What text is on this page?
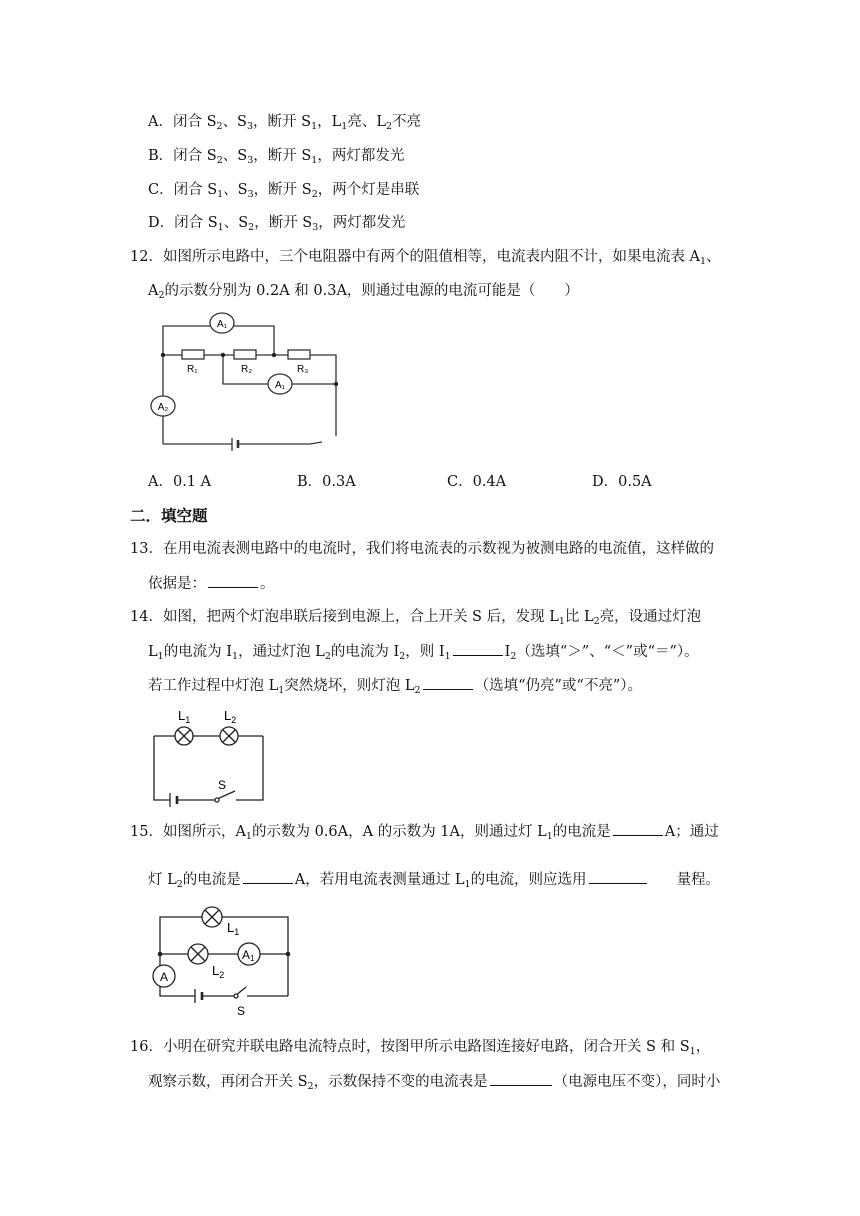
A．闭合 $S_2$、$S_3$，断开 $S_1$，$L_1$亮、$L_2$不亮
B．闭合 $S_2$、$S_3$，断开 $S_1$，两灯都发光
C．闭合 $S_1$、$S_3$，断开 $S_2$，两个灯是串联
D．闭合 $S_1$、$S_2$，断开 $S_3$，两灯都发光
12．如图所示电路中，三个电阻器中有两个的阻值相等，电流表内阻不计，如果电流表 $A_1$、
$A_2$的示数分别为 0.2A 和 0.3A，则通过电源的电流可能是（　　）
A₁
A₁
A₂
R₁	R₂	R₃
A．0.1 A	B．0.3A	C．0.4A	D．0.5A
二．填空题
13．在用电流表测电路中的电流时，我们将电流表的示数视为被测电路的电流值，这样做的
依据是：	。
14．如图，把两个灯泡串联后接到电源上，合上开关 S 后，发现 $L_1$比 $L_2$亮，设通过灯泡
$L_1$的电流为 $I_1$，通过灯泡 $L_2$的电流为 $I_2$，则 $I_1$	$I_2$（选填“＞”、“＜”或“＝”）。
若工作过程中灯泡 $L_1$突然烧坏，则灯泡 $L_2$	（选填“仍亮”或“不亮”）。
$L_1$	$L_2$
S
15．如图所示，$A_1$的示数为 0.6A，A 的示数为 1A，则通过灯 $L_1$的电流是	A；通过
灯 $L_2$的电流是	A，若用电流表测量通过 $L_1$的电流，则应选用	量程。
$L_1$
$L_2$
A1
A
S
16．小明在研究并联电路电流特点时，按图甲所示电路图连接好电路，闭合开关 S 和 $S_1$，
观察示数，再闭合开关 $S_2$，示数保持不变的电流表是	（电源电压不变），同时小
